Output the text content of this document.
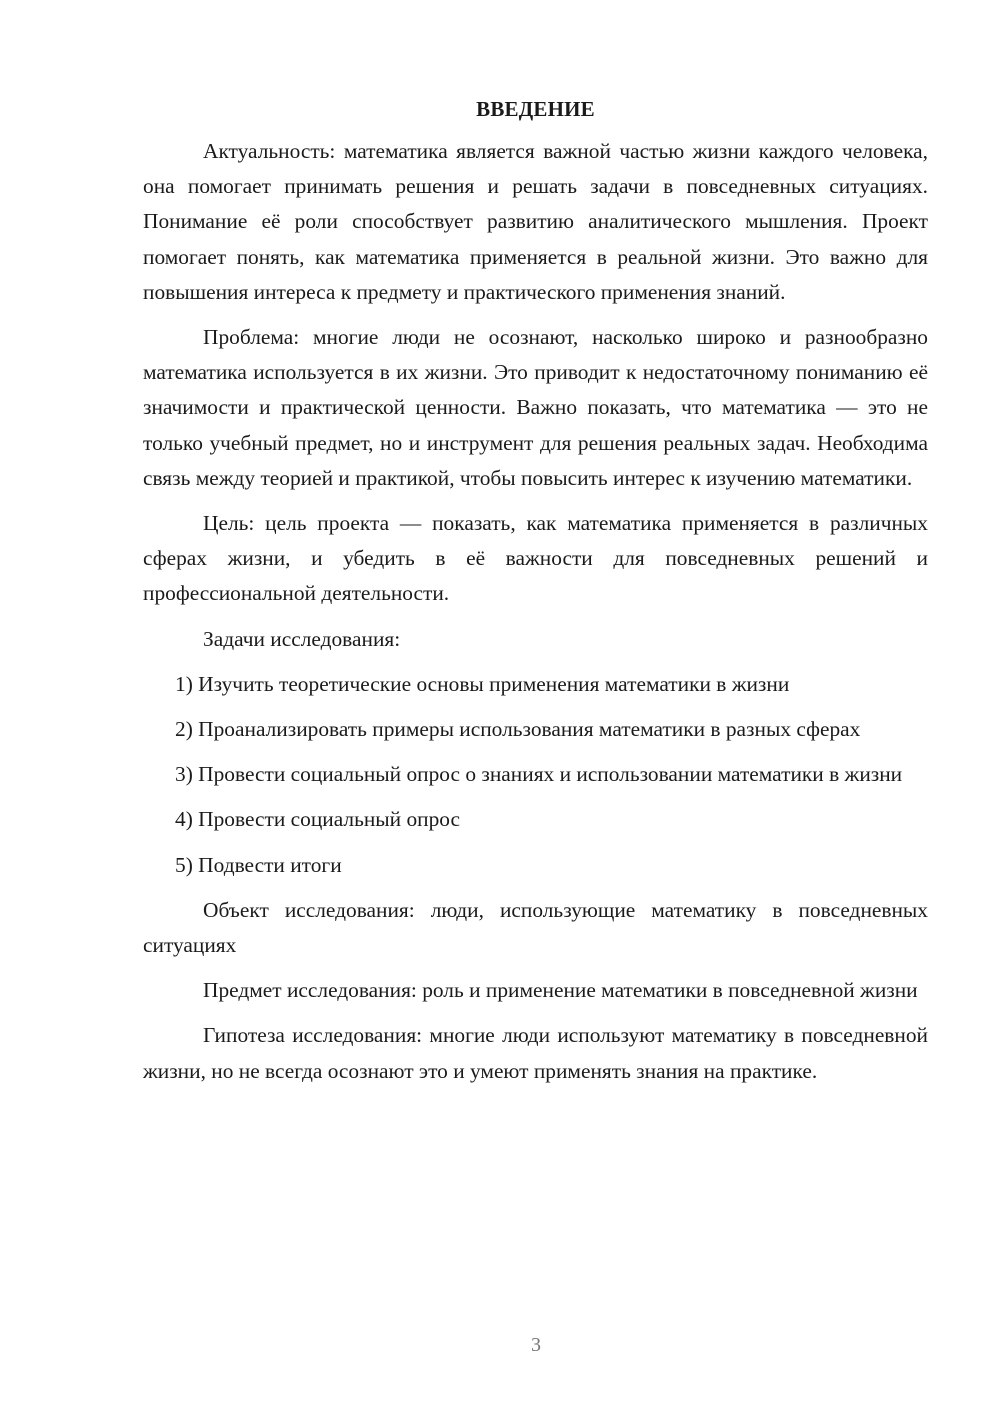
ВВЕДЕНИЕ

Актуальность: математика является важной частью жизни каждого человека, она помогает принимать решения и решать задачи в повседневных ситуациях. Понимание её роли способствует развитию аналитического мышления. Проект помогает понять, как математика применяется в реальной жизни. Это важно для повышения интереса к предмету и практического применения знаний.

Проблема: многие люди не осознают, насколько широко и разнообразно математика используется в их жизни. Это приводит к недостаточному пониманию её значимости и практической ценности. Важно показать, что математика — это не только учебный предмет, но и инструмент для решения реальных задач. Необходима связь между теорией и практикой, чтобы повысить интерес к изучению математики.

Цель: цель проекта — показать, как математика применяется в различных сферах жизни, и убедить в её важности для повседневных решений и профессиональной деятельности.

Задачи исследования:

1) Изучить теоретические основы применения математики в жизни

2) Проанализировать примеры использования математики в разных сферах

3) Провести социальный опрос о знаниях и использовании математики в жизни

4) Провести социальный опрос

5) Подвести итоги

Объект исследования: люди, использующие математику в повседневных ситуациях

Предмет исследования: роль и применение математики в повседневной жизни

Гипотеза исследования: многие люди используют математику в повседневной жизни, но не всегда осознают это и умеют применять знания на практике.

3
